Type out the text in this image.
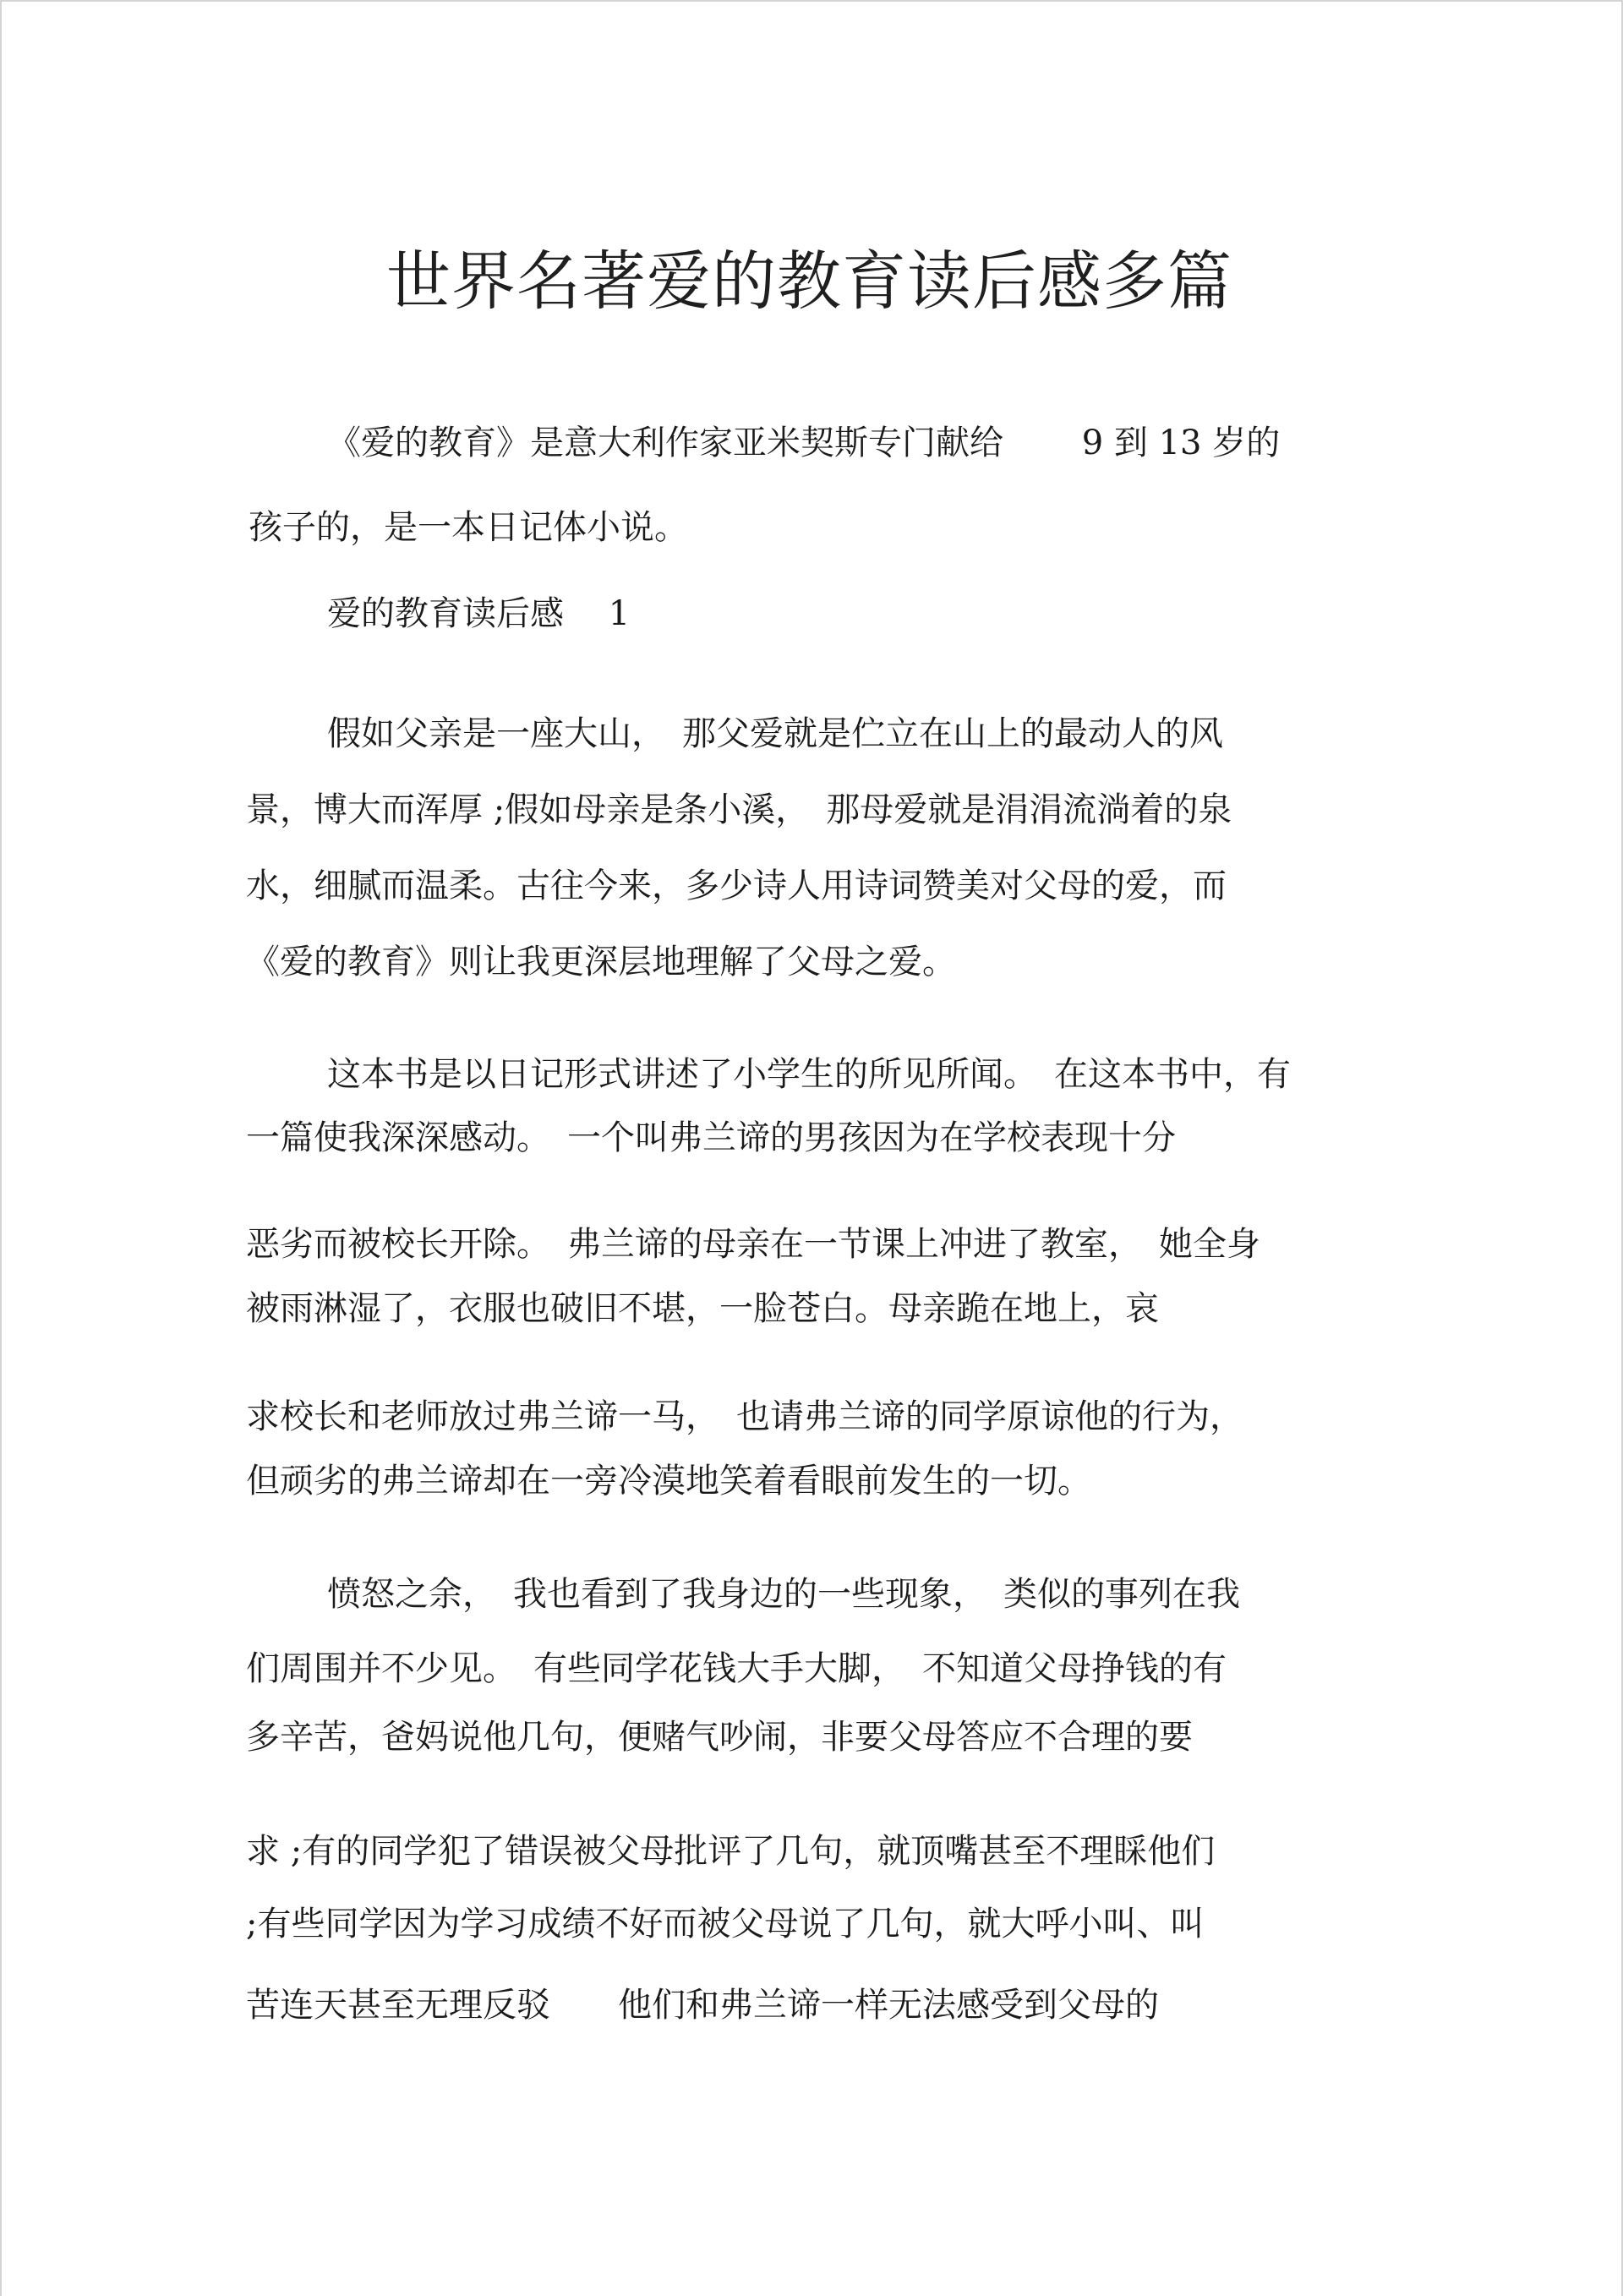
世界名著爱的教育读后感多篇
《爱的教育》是意大利作家亚米契斯专门献给　　 9 到 13 岁的
孩子的，是一本日记体小说。
爱的教育读后感　 1
假如父亲是一座大山，　那父爱就是伫立在山上的最动人的风
景，博大而浑厚 ;假如母亲是条小溪，　那母爱就是涓涓流淌着的泉
水，细腻而温柔。古往今来，多少诗人用诗词赞美对父母的爱，而
《爱的教育》则让我更深层地理解了父母之爱。
这本书是以日记形式讲述了小学生的所见所闻。　在这本书中，有
一篇使我深深感动。　一个叫弗兰谛的男孩因为在学校表现十分
恶劣而被校长开除。　弗兰谛的母亲在一节课上冲进了教室，　她全身
被雨淋湿了，衣服也破旧不堪，一脸苍白。母亲跪在地上，哀
求校长和老师放过弗兰谛一马，　也请弗兰谛的同学原谅他的行为，
但顽劣的弗兰谛却在一旁冷漠地笑着看眼前发生的一切。
愤怒之余，　我也看到了我身边的一些现象，　类似的事列在我
们周围并不少见。　有些同学花钱大手大脚，　不知道父母挣钱的有
多辛苦，爸妈说他几句，便赌气吵闹，非要父母答应不合理的要
求 ;有的同学犯了错误被父母批评了几句，就顶嘴甚至不理睬他们
;有些同学因为学习成绩不好而被父母说了几句，就大呼小叫、叫
苦连天甚至无理反驳　　他们和弗兰谛一样无法感受到父母的
